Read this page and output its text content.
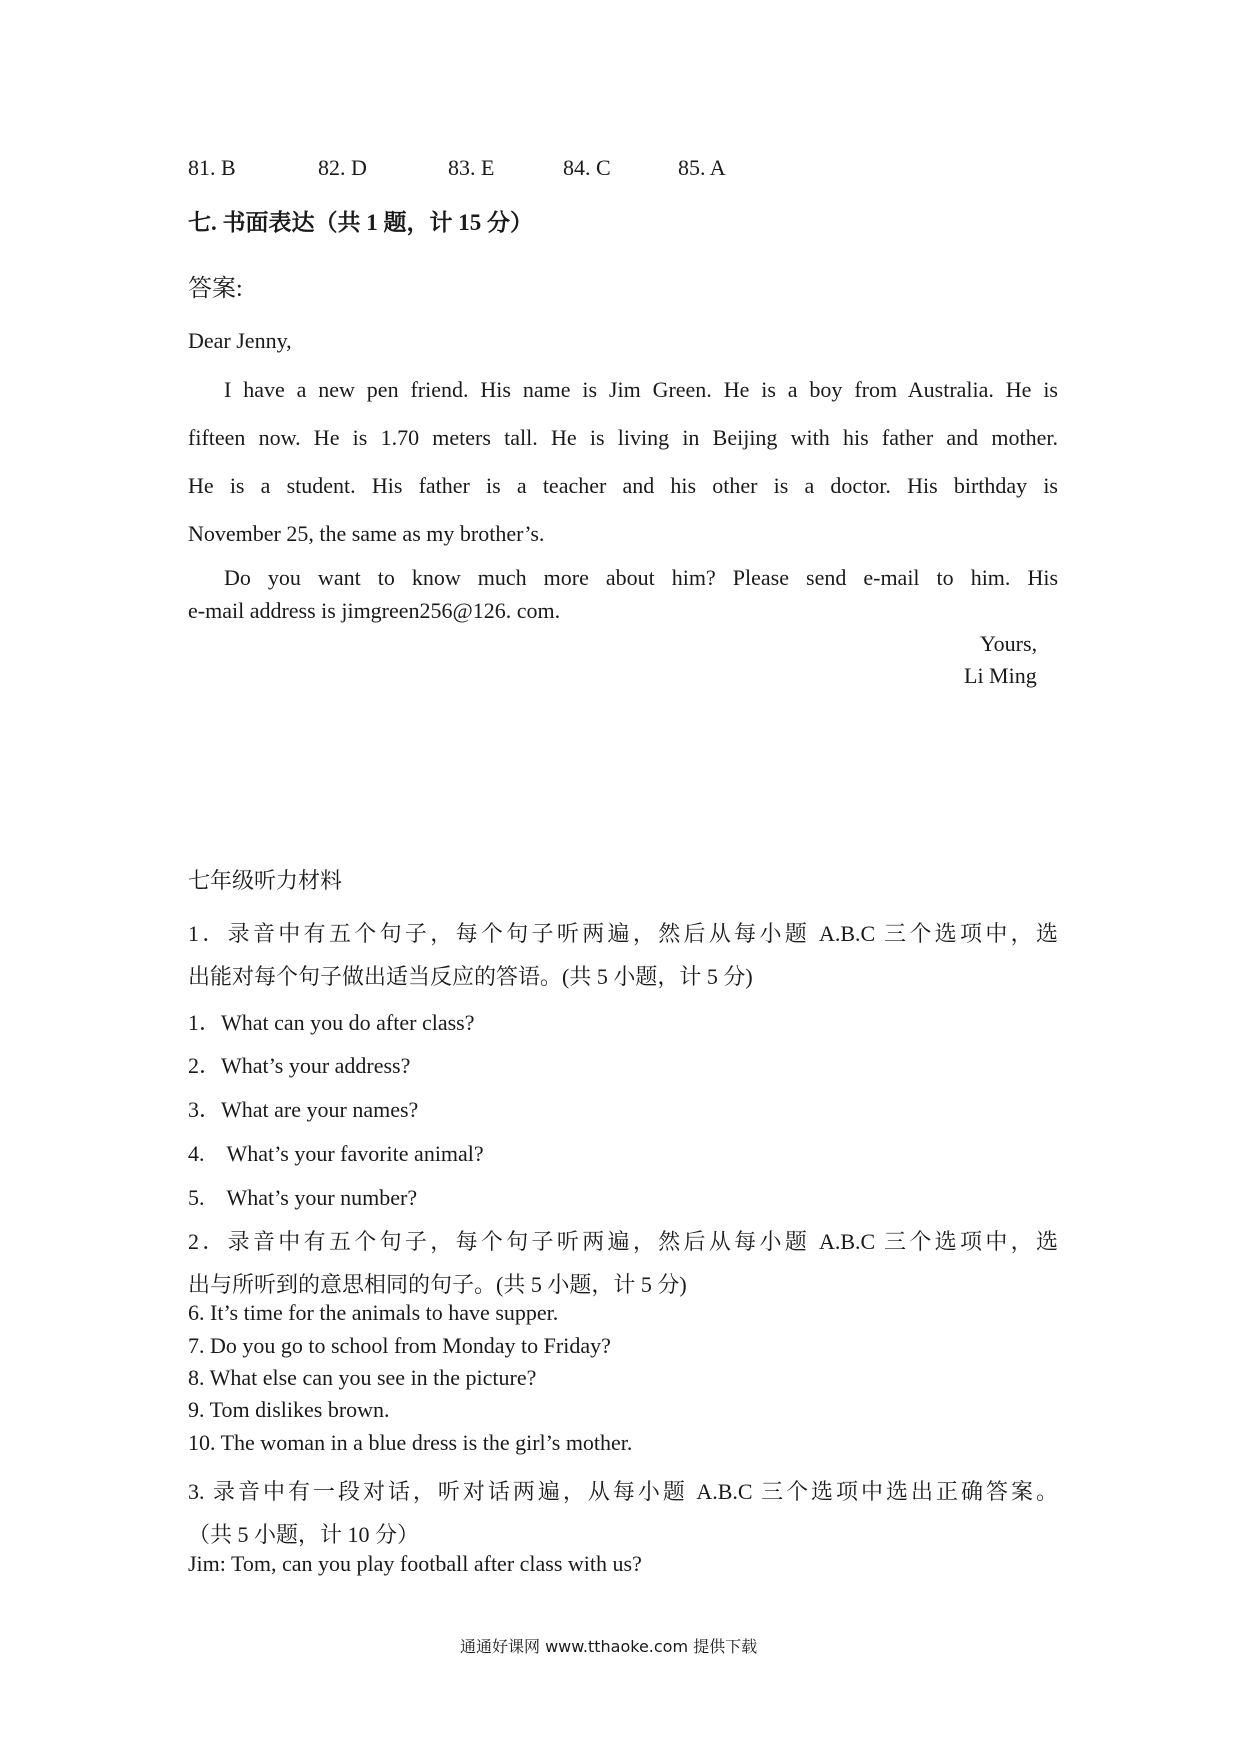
81. B	82. D	83. E	84. C	85. A
七. 书面表达（共 1 题，计 15 分）
答案:
Dear Jenny,
I have a new pen friend. His name is Jim Green. He is a boy from Australia. He is
fifteen now. He is 1.70 meters tall. He is living in Beijing with his father and mother.
He is a student. His father is a teacher and his other is a doctor. His birthday is
November 25, the same as my brother’s.
Do you want to know much more about him? Please send e-mail to him. His
e-mail address is jimgreen256@126. com.
Yours,
Li Ming
七年级听力材料
1．录音中有五个句子，每个句子听两遍，然后从每小题 A.B.C 三个选项中，选
出能对每个句子做出适当反应的答语。(共 5 小题，计 5 分)
1．What can you do after class?
2．What’s your address?
3．What are your names?
4.　What’s your favorite animal?
5.　What’s your number?
2．录音中有五个句子，每个句子听两遍，然后从每小题 A.B.C 三个选项中，选
出与所听到的意思相同的句子。(共 5 小题，计 5 分)
6. It’s time for the animals to have supper.
7. Do you go to school from Monday to Friday?
8. What else can you see in the picture?
9. Tom dislikes brown.
10. The woman in a blue dress is the girl’s mother.
3. 录音中有一段对话，听对话两遍，从每小题 A.B.C 三个选项中选出正确答案。
（共 5 小题，计 10 分）
Jim: Tom, can you play football after class with us?
通通好课网 www.tthaoke.com 提供下载
